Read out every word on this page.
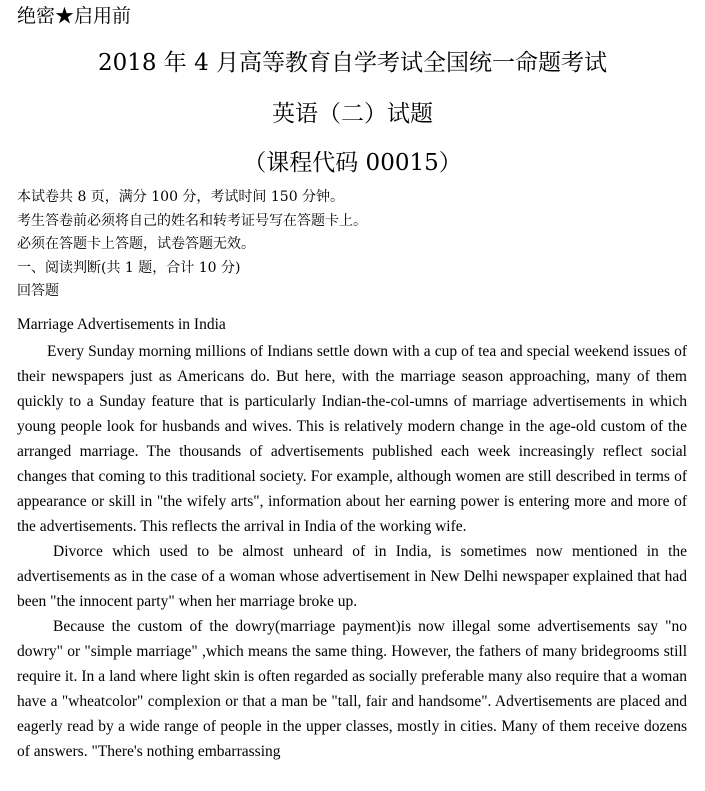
绝密★启用前
2018 年 4 月高等教育自学考试全国统一命题考试
英语（二）试题
（课程代码 00015）
本试卷共 8 页，满分 100 分，考试时间 150 分钟。
考生答卷前必须将自己的姓名和转考证号写在答题卡上。
必须在答题卡上答题，试卷答题无效。
一、阅读判断(共 1 题，合计 10 分)
回答题
Marriage Advertisements in India

Every Sunday morning millions of Indians settle down with a cup of tea and special weekend issues of their newspapers just as Americans do. But here, with the marriage season approaching, many of them quickly to a Sunday feature that is particularly Indian-the-col-umns of marriage advertisements in which young people look for husbands and wives. This is relatively modern change in the age-old custom of the arranged marriage. The thousands of advertisements published each week increasingly reflect social changes that coming to this traditional society. For example, although women are still described in terms of appearance or skill in "the wifely arts", information about her earning power is entering more and more of the advertisements. This reflects the arrival in India of the working wife.

Divorce which used to be almost unheard of in India, is sometimes now mentioned in the advertisements as in the case of a woman whose advertisement in New Delhi newspaper explained that had been "the innocent party" when her marriage broke up.

Because the custom of the dowry(marriage payment)is now illegal some advertisements say "no dowry" or "simple marriage" ,which means the same thing. However, the fathers of many bridegrooms still require it. In a land where light skin is often regarded as socially preferable many also require that a woman have a "wheatcolor" complexion or that a man be "tall, fair and handsome". Advertisements are placed and eagerly read by a wide range of people in the upper classes, mostly in cities. Many of them receive dozens of answers. "There's nothing embarrassing
